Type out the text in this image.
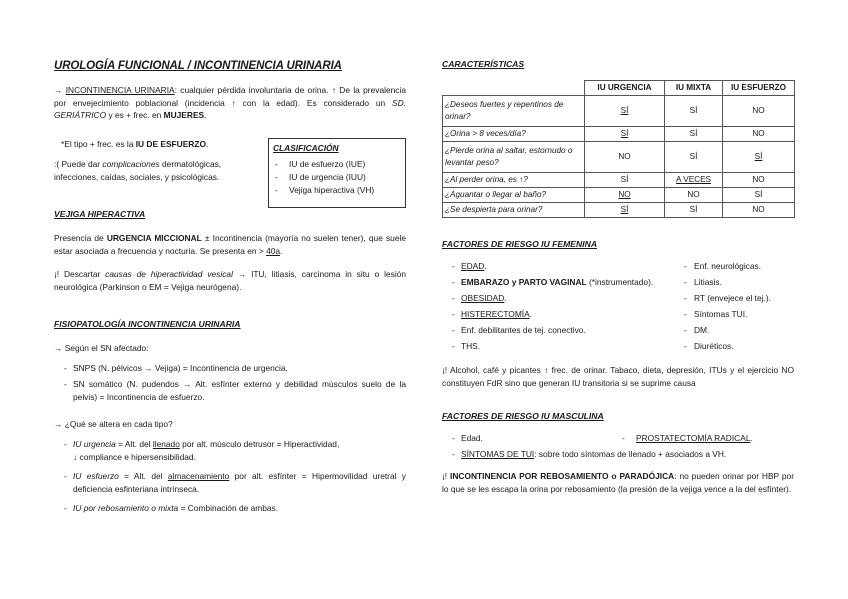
UROLOGÍA FUNCIONAL / INCONTINENCIA URINARIA
→ INCONTINENCIA URINARIA: cualquier pérdida involuntaria de orina. ↑ De la prevalencia por envejecimiento poblacional (incidencia ↑ con la edad). Es considerado un SD. GERIÁTRICO y es + frec. en MUJERES.
*El tipo + frec. es la IU DE ESFUERZO.
:( Puede dar complicaciones dermatológicas, infecciones, caídas, sociales, y psicológicas.
CLASIFICACIÓN
-	IU de esfuerzo (IUE)
-	IU de urgencia (IUU)
-	Vejiga hiperactiva (VH)
VEJIGA HIPERACTIVA
Presencia de URGENCIA MICCIONAL ± Incontinencia (mayoría no suelen tener), que suele estar asociada a frecuencia y nocturia. Se presenta en > 40a.
¡! Descartar causas de hiperactividad vesical → ITU, litiasis, carcinoma in situ o lesión neurológica (Parkinson o EM = Vejiga neurógena).
FISIOPATOLOGÍA INCONTINENCIA URINARIA
→ Según el SN afectado:
- SNPS (N. pélvicos → Vejiga) = Incontinencia de urgencia.
- SN somático (N. pudendos → Alt. esfínter externo y debilidad músculos suelo de la pelvis) = Incontinencia de esfuerzo.
→ ¿Qué se altera en cada tipo?
- IU urgencia = Alt. del llenado por alt. músculo detrusor = Hiperactividad,
↓ compliance e hipersensibilidad.
- IU esfuerzo = Alt. del almacenamiento por alt. esfínter = Hipermovilidad uretral y deficiencia esfinteriana intrínseca.
- IU por rebosamiento o mixta = Combinación de ambas.
CARACTERÍSTICAS
	IU URGENCIA	IU MIXTA	IU ESFUERZO
¿Deseos fuertes y repentinos de orinar?	SÍ	SÍ	NO
¿Orina > 8 veces/día?	SÍ	SÍ	NO
¿Pierde orina al saltar, estornudo o levantar peso?	NO	SÍ	SÍ
¿Al perder orina, es ↑?	SÍ	A VECES	NO
¿Aguantar o llegar al baño?	NO	NO	SÍ
¿Se despierta para orinar?	SÍ	SÍ	NO
FACTORES DE RIESGO IU FEMENINA
- EDAD.
- EMBARAZO y PARTO VAGINAL (*instrumentado).
- OBESIDAD.
- HISTERECTOMÍA.
- Enf. debilitantes de tej. conectivo.
- THS.
- Enf. neurológicas.
- Litiasis.
- RT (envejece el tej.).
- Síntomas TUI.
- DM.
- Diuréticos.
¡! Alcohol, café y picantes ↑ frec. de orinar. Tabaco, dieta, depresión, ITUs y el ejercicio NO constituyen FdR sino que generan IU transitoria si se suprime causa
FACTORES DE RIESGO IU MASCULINA
- Edad.	-	PROSTATECTOMÍA RADICAL.
- SÍNTOMAS DE TUI: sobre todo síntomas de llenado + asociados a VH.
¡! INCONTINENCIA POR REBOSAMIENTO o PARADÓJICA: no pueden orinar por HBP por lo que se les escapa la orina por rebosamiento (la presión de la vejiga vence a la del esfínter).
